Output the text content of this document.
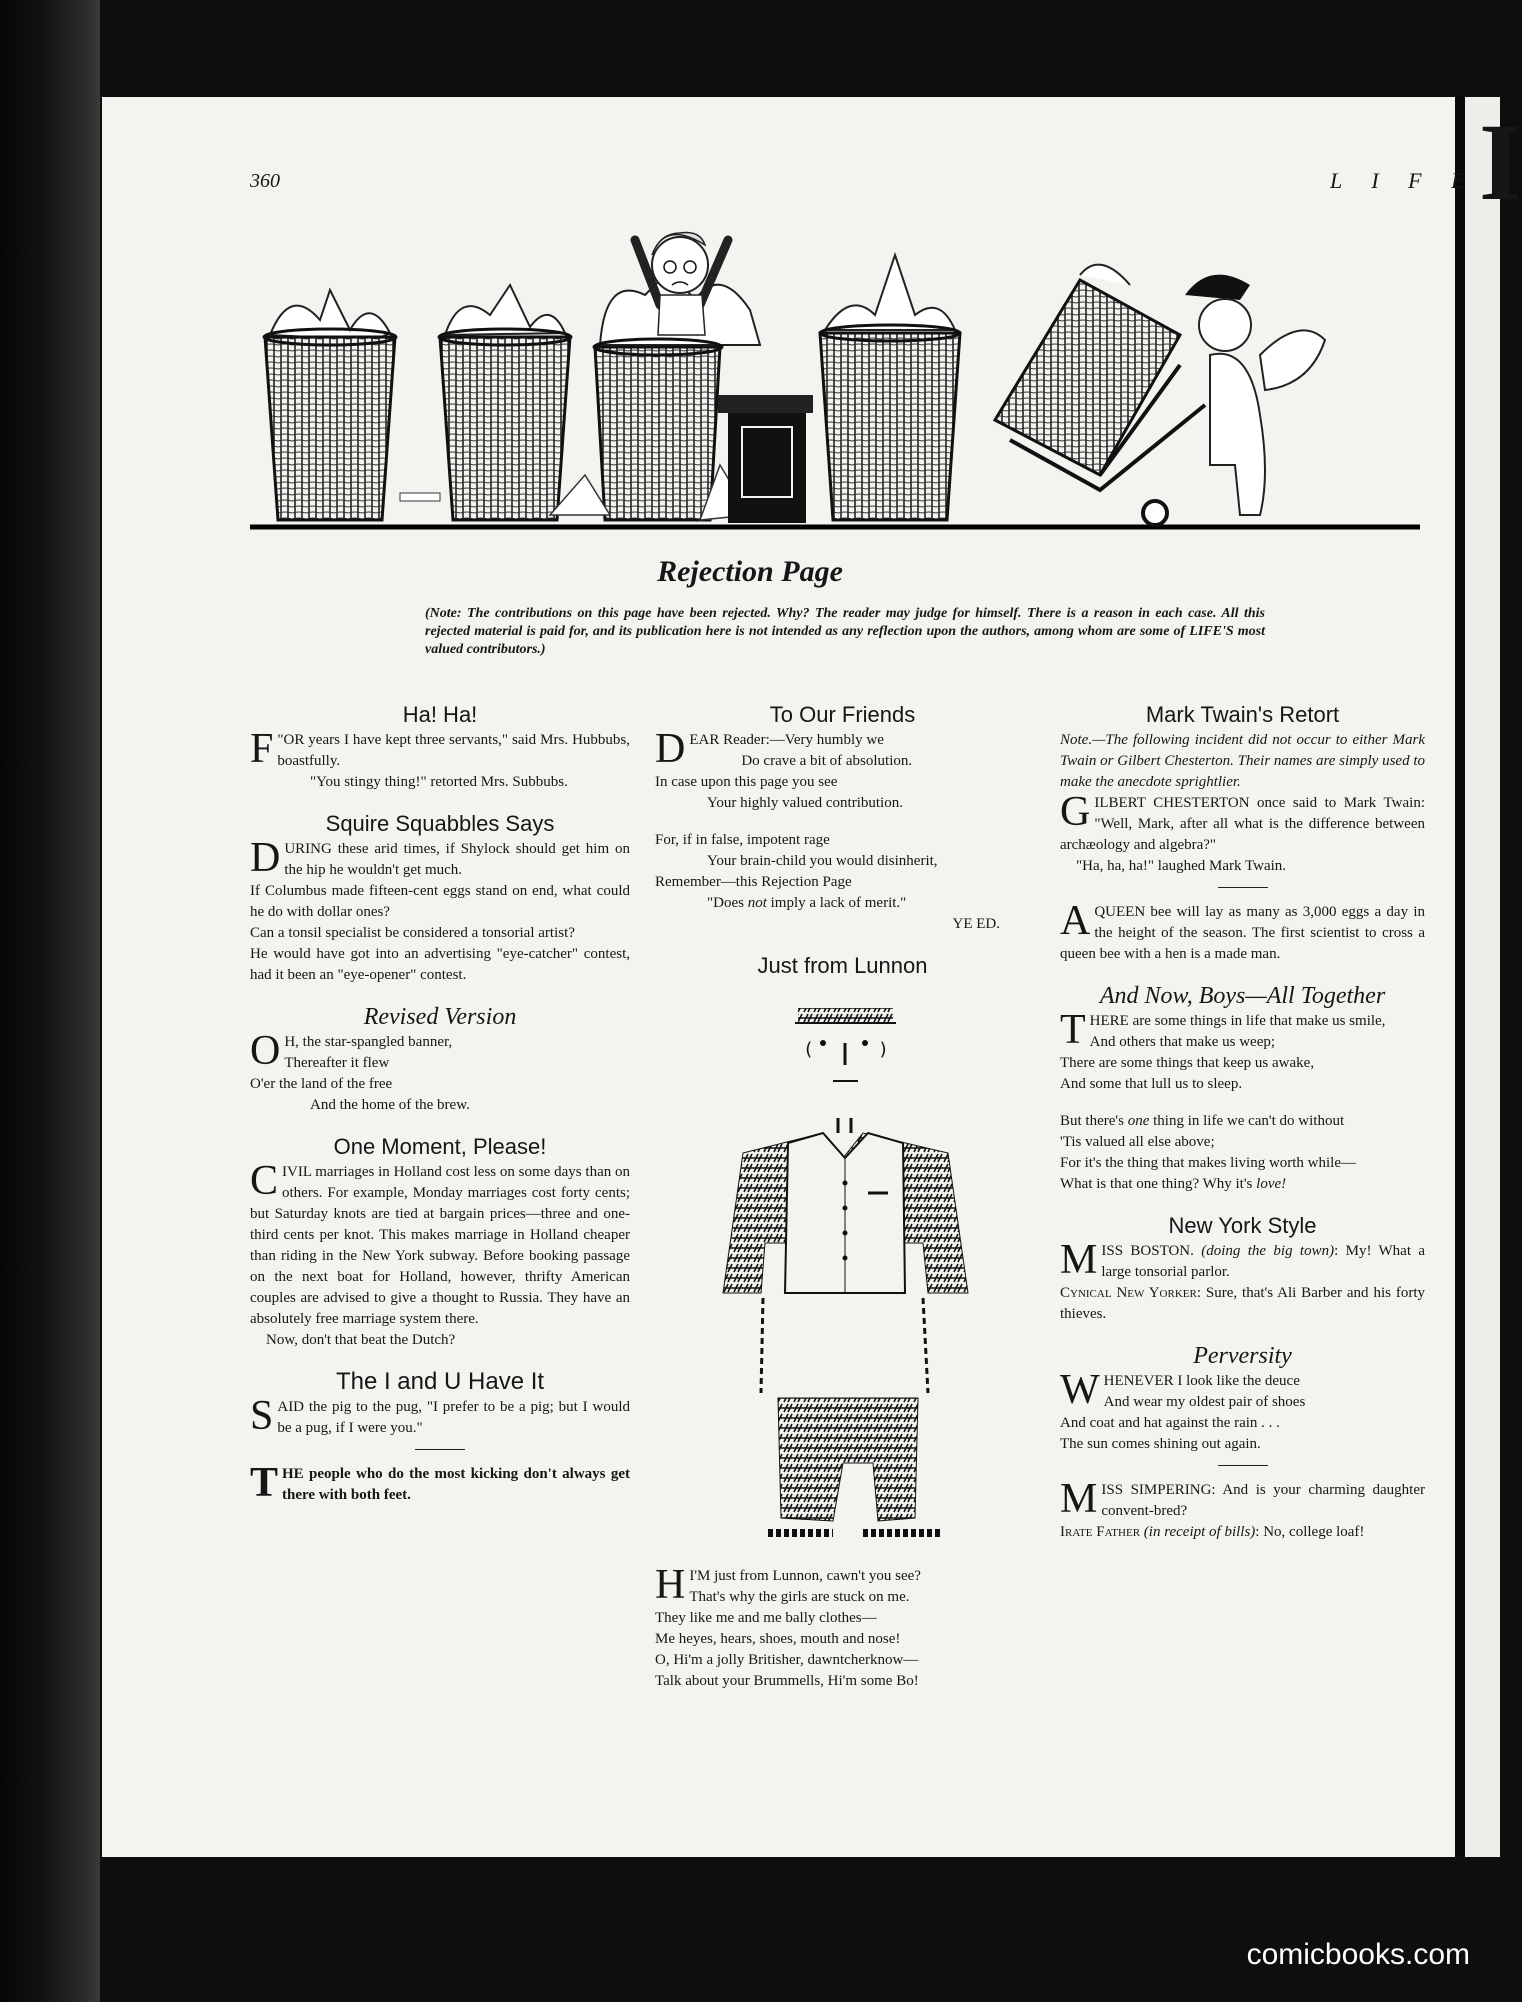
I
360	L I F E
Rejection Page
(Note: The contributions on this page have been rejected. Why? The reader may judge for himself. There is a reason in each case. All this rejected material is paid for, and its publication here is not intended as any reflection upon the authors, among whom are some of LIFE'S most valued contributors.)
Ha! Ha!

"
F OR years I have kept three servants," said Mrs. Hubbubs, boastfully.

"You stingy thing!" retorted Mrs. Subbubs.

Squire Squabbles Says

DURING these arid times, if Shylock should get him on the hip he wouldn't get much.

If Columbus made fifteen-cent eggs stand on end, what could he do with dollar ones?

Can a tonsil specialist be considered a tonsorial artist?

He would have got into an advertising "eye-catcher" contest, had it been an "eye-opener" contest.

Revised Version

O H, the star-spangled banner,
Thereafter it flew

O'er the land of the free

And the home of the brew.

One Moment, Please!

CIVIL marriages in Holland cost less on some days than on others. For example, Monday marriages cost forty cents; but Saturday knots are tied at bargain prices—three and one-third cents per knot. This makes marriage in Holland cheaper than riding in the New York subway. Before booking passage on the next boat for Holland, however, thrifty American couples are advised to give a thought to Russia. They have an absolutely free marriage system there.

Now, don't that beat the Dutch?

The I and U Have It

SAID the pig to the pug, "I prefer to be a pig; but I would be a pug, if I were you."

THE people who do the most kicking don't always get there with both feet.

To Our Friends

DEAR Reader:—Very humbly we
Do crave a bit of absolution.

In case upon this page you see

Your highly valued contribution.

For, if in false, impotent rage

Your brain-child you would disinherit,

Remember—this Rejection Page

"Does not imply a lack of merit."

YE ED.

Just from Lunnon
(	)

H I'M just from Lunnon, cawn't you see?
That's why the girls are stuck on me.

They like me and me bally clothes—

Me heyes, hears, shoes, mouth and nose!

O, Hi'm a jolly Britisher, dawntcherknow—

Talk about your Brummells, Hi'm some Bo!

Mark Twain's Retort

Note.—The following incident did not occur to either Mark Twain or Gilbert Chesterton. Their names are simply used to make the anecdote sprightlier.

GILBERT CHESTERTON once said to Mark Twain: "Well, Mark, after all what is the difference between archæology and algebra?"

"Ha, ha, ha!" laughed Mark Twain.

AQUEEN bee will lay as many as 3,000 eggs a day in the height of the season. The first scientist to cross a queen bee with a hen is a made man.

And Now, Boys—All Together

THERE are some things in life that make us smile,

And others that make us weep;

There are some things that keep us awake,

And some that lull us to sleep.

But there's one thing in life we can't do without

'Tis valued all else above;

For it's the thing that makes living worth while—

What is that one thing? Why it's love!

New York Style

MISS BOSTON. (doing the big town): My! What a large tonsorial parlor.

Cynical New Yorker: Sure, that's Ali Barber and his forty thieves.

Perversity

WHENEVER I look like the deuce
And wear my oldest pair of shoes

And coat and hat against the rain . . .

The sun comes shining out again.

MISS SIMPERING: And is your charming daughter convent-bred?

Irate Father (in receipt of bills): No, college loaf!

comicbooks.com
